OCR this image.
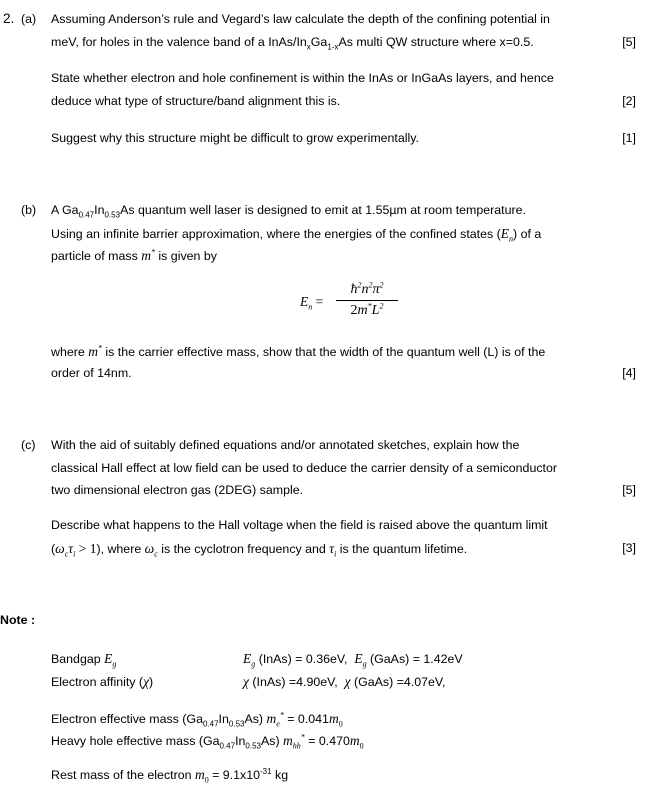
2. (a) Assuming Anderson’s rule and Vegard’s law calculate the depth of the confining potential in
meV, for holes in the valence band of a InAs/$In_xGa_{1-x}As$ multi QW structure where x=0.5.	[5]
State whether electron and hole confinement is within the InAs or InGaAs layers, and hence
deduce what type of structure/band alignment this is.	[2]
Suggest why this structure might be difficult to grow experimentally.	[1]
(b) A $Ga_{0.47}In_{0.53}As$ quantum well laser is designed to emit at 1.55µm at room temperature.
Using an infinite barrier approximation, where the energies of the confined states $(E_n)$ of a
particle of mass m* is given by
$E_n = \frac{ħ^2n^2\pi^2}{2m^*L^2}$
where m* is the carrier effective mass, show that the width of the quantum well (L) is of the
order of 14nm.	[4]
(c) With the aid of suitably defined equations and/or annotated sketches, explain how the
classical Hall effect at low field can be used to deduce the carrier density of a semiconductor
two dimensional electron gas (2DEG) sample.	[5]
Describe what happens to the Hall voltage when the field is raised above the quantum limit
$(\omega_c\tau_i > 1)$, where $\omega_c$ is the cyclotron frequency and $\tau_i$ is the quantum lifetime.	[3]
Note :
Bandgap $E_g$	$E_g$ (InAs) = 0.36eV,  $E_g$ (GaAs) = 1.42eV
Electron affinity (χ)	χ (InAs) =4.90eV,  χ (GaAs) =4.07eV,
Electron effective mass $(Ga_{0.47}In_{0.53}As) m_e^* = 0.041m_0$
Heavy hole effective mass $(Ga_{0.47}In_{0.53}As) m_{hh}^* = 0.470m_0$
Rest mass of the electron $m_0 = 9.1x10^{-31}$ kg
